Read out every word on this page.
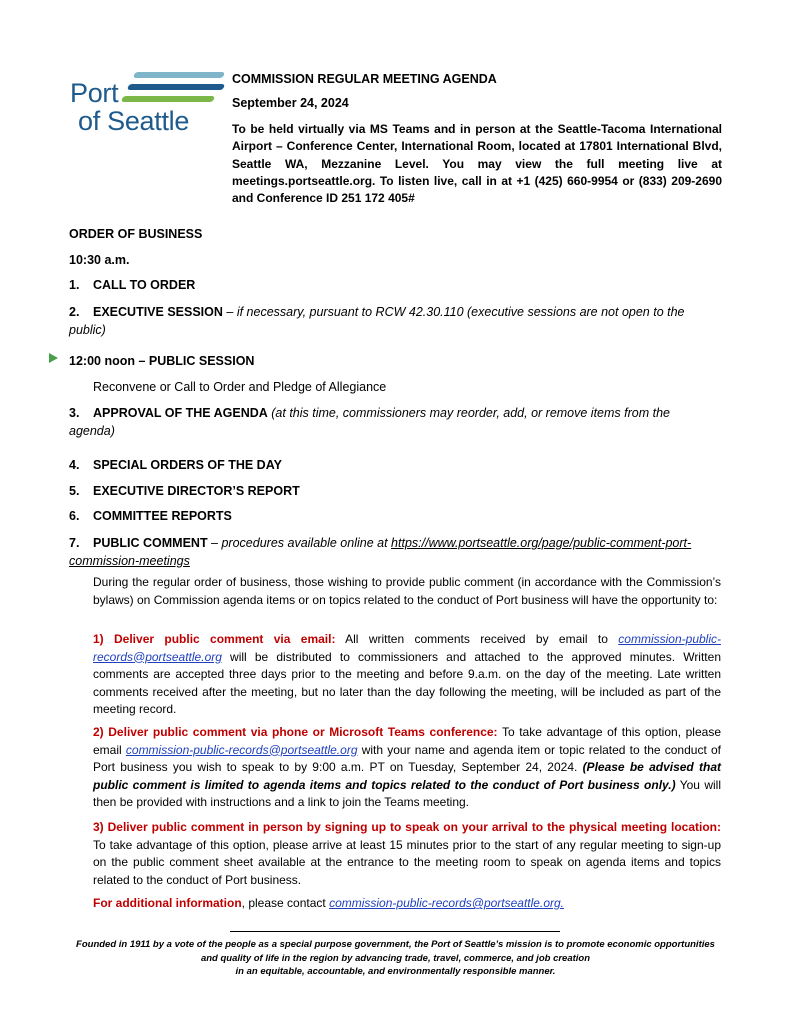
Port
of Seattle
COMMISSION REGULAR MEETING AGENDA
September 24, 2024
To be held virtually via MS Teams and in person at the Seattle-Tacoma International Airport – Conference Center, International Room, located at 17801 International Blvd, Seattle WA, Mezzanine Level. You may view the full meeting live at meetings.portseattle.org. To listen live, call in at +1 (425) 660-9954 or (833) 209-2690 and Conference ID 251 172 405#
ORDER OF BUSINESS
10:30 a.m.
1. CALL TO ORDER
2. EXECUTIVE SESSION – if necessary, pursuant to RCW 42.30.110 (executive sessions are not open to the public)
12:00 noon – PUBLIC SESSION
Reconvene or Call to Order and Pledge of Allegiance
3. APPROVAL OF THE AGENDA (at this time, commissioners may reorder, add, or remove items from the agenda)
4. SPECIAL ORDERS OF THE DAY
5. EXECUTIVE DIRECTOR’S REPORT
6. COMMITTEE REPORTS
7. PUBLIC COMMENT – procedures available online at https://www.portseattle.org/page/public-comment-port-commission-meetings
During the regular order of business, those wishing to provide public comment (in accordance with the Commission’s bylaws) on Commission agenda items or on topics related to the conduct of Port business will have the opportunity to:
1) Deliver public comment via email: All written comments received by email to commission-public-records@portseattle.org will be distributed to commissioners and attached to the approved minutes. Written comments are accepted three days prior to the meeting and before 9.a.m. on the day of the meeting. Late written comments received after the meeting, but no later than the day following the meeting, will be included as part of the meeting record.
2) Deliver public comment via phone or Microsoft Teams conference: To take advantage of this option, please email commission-public-records@portseattle.org with your name and agenda item or topic related to the conduct of Port business you wish to speak to by 9:00 a.m. PT on Tuesday, September 24, 2024. (Please be advised that public comment is limited to agenda items and topics related to the conduct of Port business only.) You will then be provided with instructions and a link to join the Teams meeting.
3) Deliver public comment in person by signing up to speak on your arrival to the physical meeting location: To take advantage of this option, please arrive at least 15 minutes prior to the start of any regular meeting to sign-up on the public comment sheet available at the entrance to the meeting room to speak on agenda items and topics related to the conduct of Port business.
For additional information, please contact commission-public-records@portseattle.org.
Founded in 1911 by a vote of the people as a special purpose government, the Port of Seattle’s mission is to promote economic opportunities
and quality of life in the region by advancing trade, travel, commerce, and job creation
in an equitable, accountable, and environmentally responsible manner.
